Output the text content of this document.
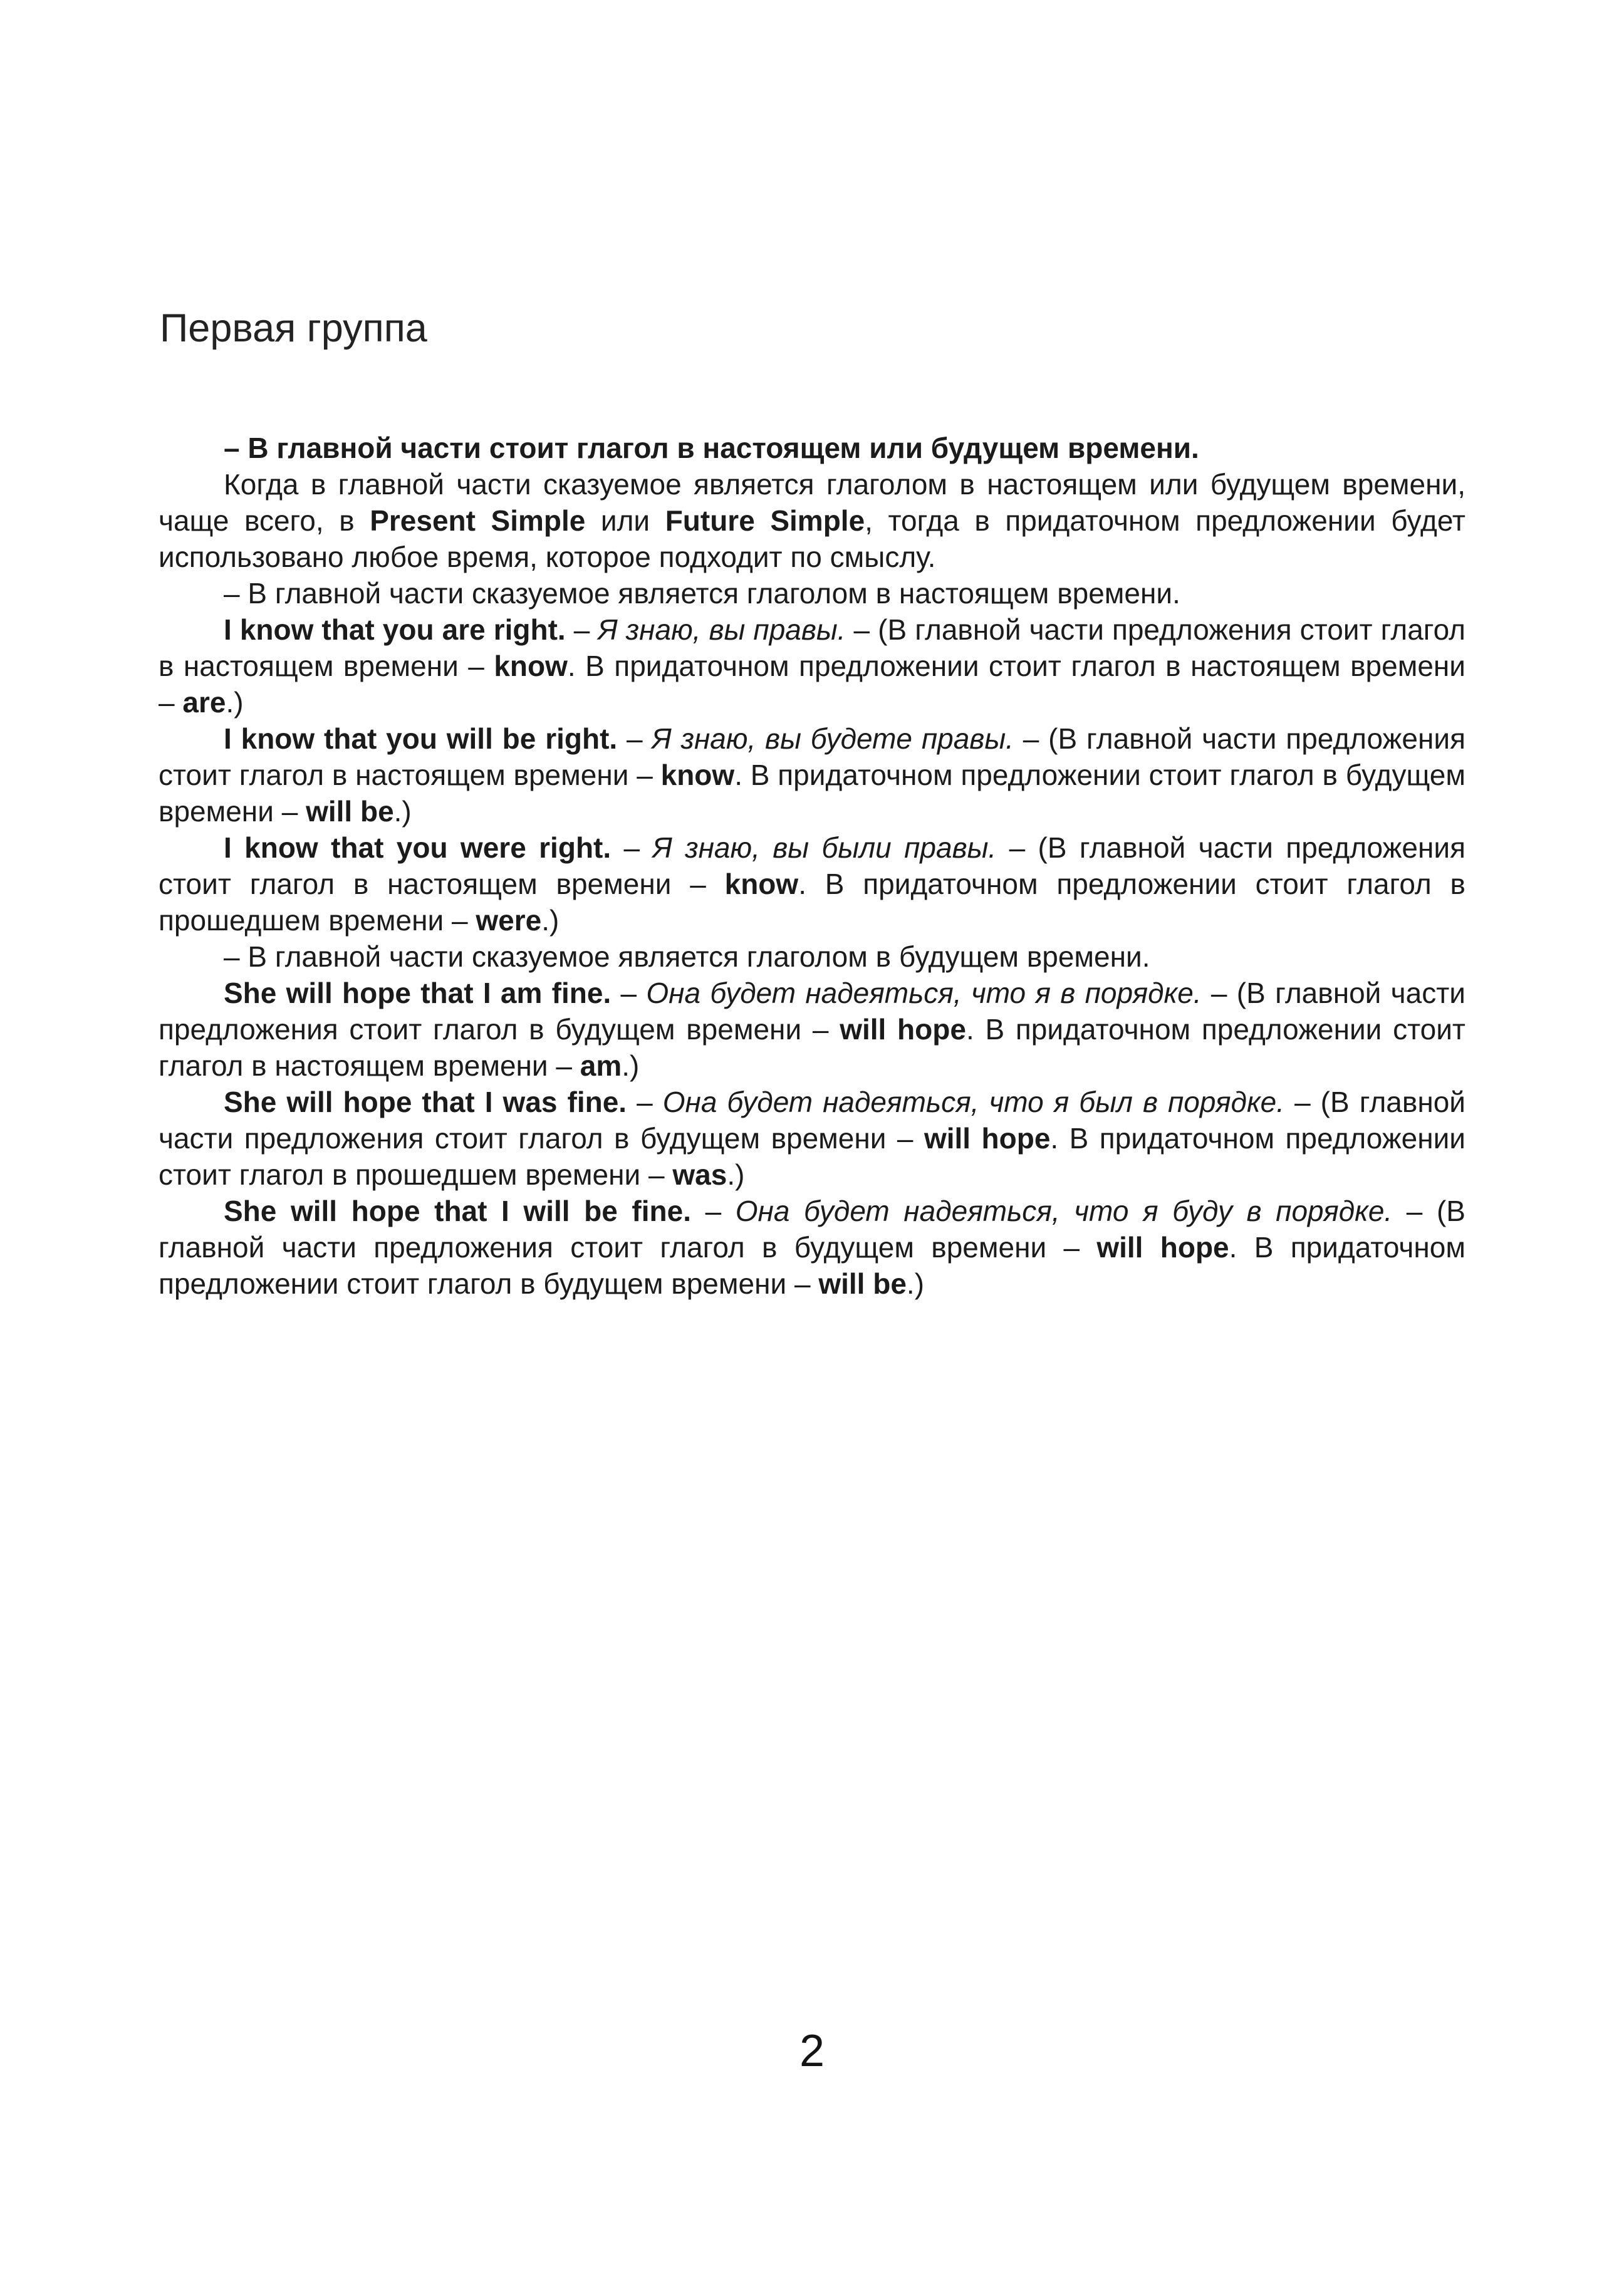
Первая группа

– В главной части стоит глагол в настоящем или будущем времени.

Когда в главной части сказуемое является глаголом в настоящем или будущем времени, чаще всего, в Present Simple или Future Simple, тогда в придаточном предложении будет использовано любое время, которое подходит по смыслу.

– В главной части сказуемое является глаголом в настоящем времени.

I know that you are right. – Я знаю, вы правы. – (В главной части предложения стоит глагол в настоящем времени – know. В придаточном предложении стоит глагол в настоящем времени – are.)

I know that you will be right. – Я знаю, вы будете правы. – (В главной части предложения стоит глагол в настоящем времени – know. В придаточном предложении стоит глагол в будущем времени – will be.)

I know that you were right. – Я знаю, вы были правы. – (В главной части предложения стоит глагол в настоящем времени – know. В придаточном предложении стоит глагол в прошедшем времени – were.)

– В главной части сказуемое является глаголом в будущем времени.

She will hope that I am fine. – Она будет надеяться, что я в порядке. – (В главной части предложения стоит глагол в будущем времени – will hope. В придаточном предложении стоит глагол в настоящем времени – am.)

She will hope that I was fine. – Она будет надеяться, что я был в порядке. – (В главной части предложения стоит глагол в будущем времени – will hope. В придаточном предложении стоит глагол в прошедшем времени – was.)

She will hope that I will be fine. – Она будет надеяться, что я буду в порядке. – (В главной части предложения стоит глагол в будущем времени – will hope. В придаточном предложении стоит глагол в будущем времени – will be.)

2
